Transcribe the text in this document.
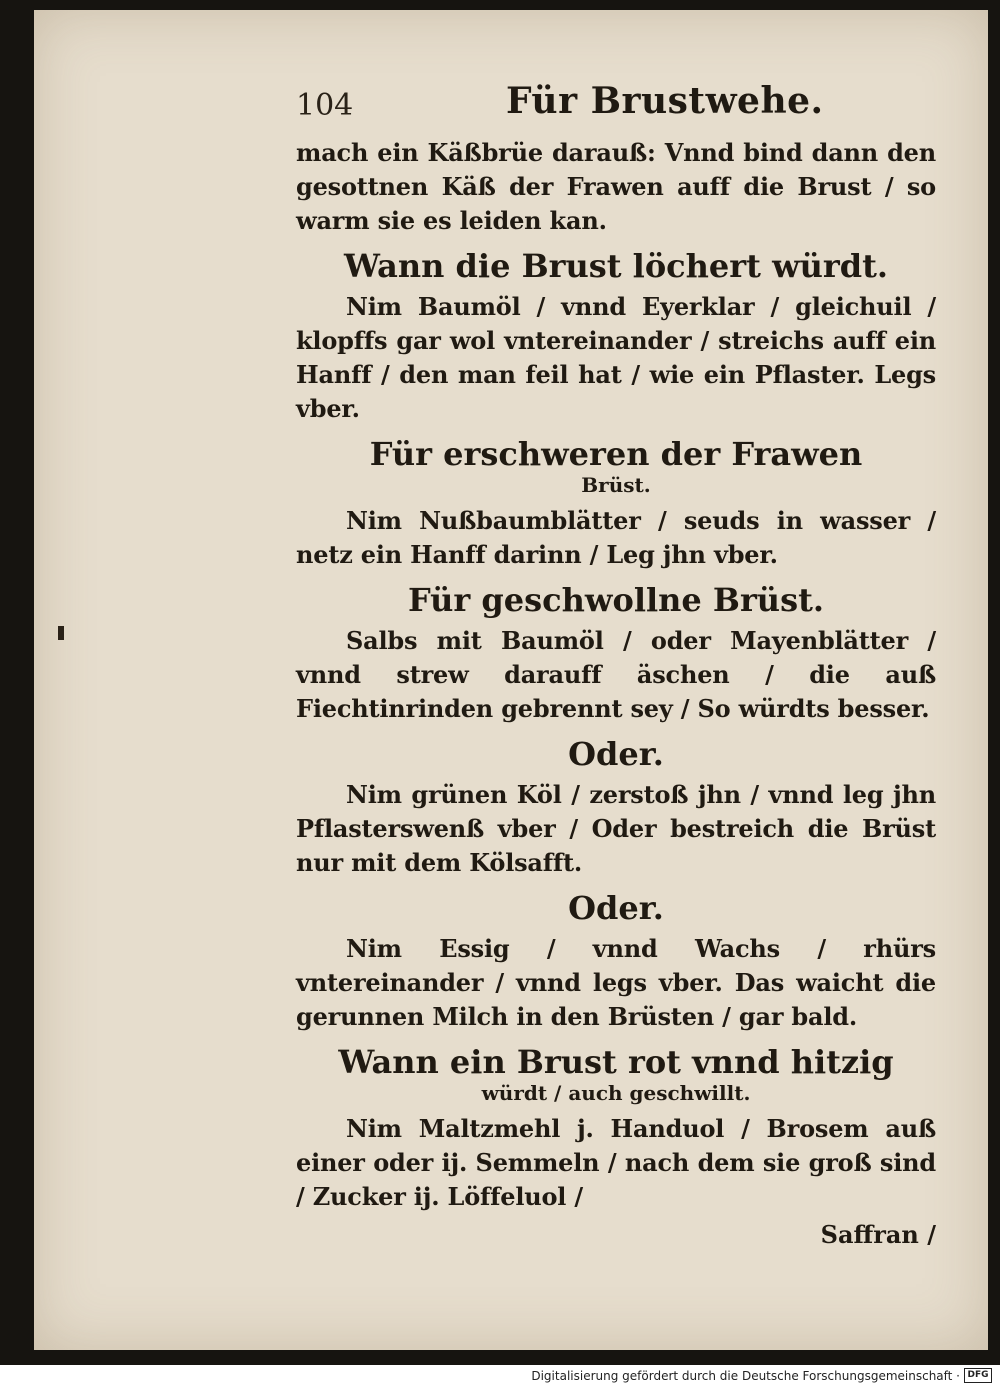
104	Für Brustwehe.

mach ein Käßbrüe darauß: Vnnd bind dann den gesottnen Käß der Frawen auff die Brust / so warm sie es leiden kan.

Wann die Brust löchert würdt.

Nim Baumöl / vnnd Eyerklar / gleichuil / klopffs gar wol vntereinander / streichs auff ein Hanff / den man feil hat / wie ein Pflaster. Legs vber.

Für erschweren der Frawen
Brüst.

Nim Nußbaumblätter / seuds in wasser / netz ein Hanff darinn / Leg jhn vber.

Für geschwollne Brüst.

Salbs mit Baumöl / oder Mayenblätter / vnnd strew darauff äschen / die auß Fiechtinrinden gebrennt sey / So würdts besser.

Oder.

Nim grünen Köl / zerstoß jhn / vnnd leg jhn Pflasterswenß vber / Oder bestreich die Brüst nur mit dem Kölsafft.

Oder.

Nim Essig / vnnd Wachs / rhürs vntereinander / vnnd legs vber. Das waicht die gerunnen Milch in den Brüsten / gar bald.

Wann ein Brust rot vnnd hitzig
würdt / auch geschwillt.

Nim Maltzmehl j. Handuol / Brosem auß einer oder ij. Semmeln / nach dem sie groß sind / Zucker ij. Löffeluol /

Saffran /
Digitalisierung gefördert durch die Deutsche Forschungsgemeinschaft · DFG
